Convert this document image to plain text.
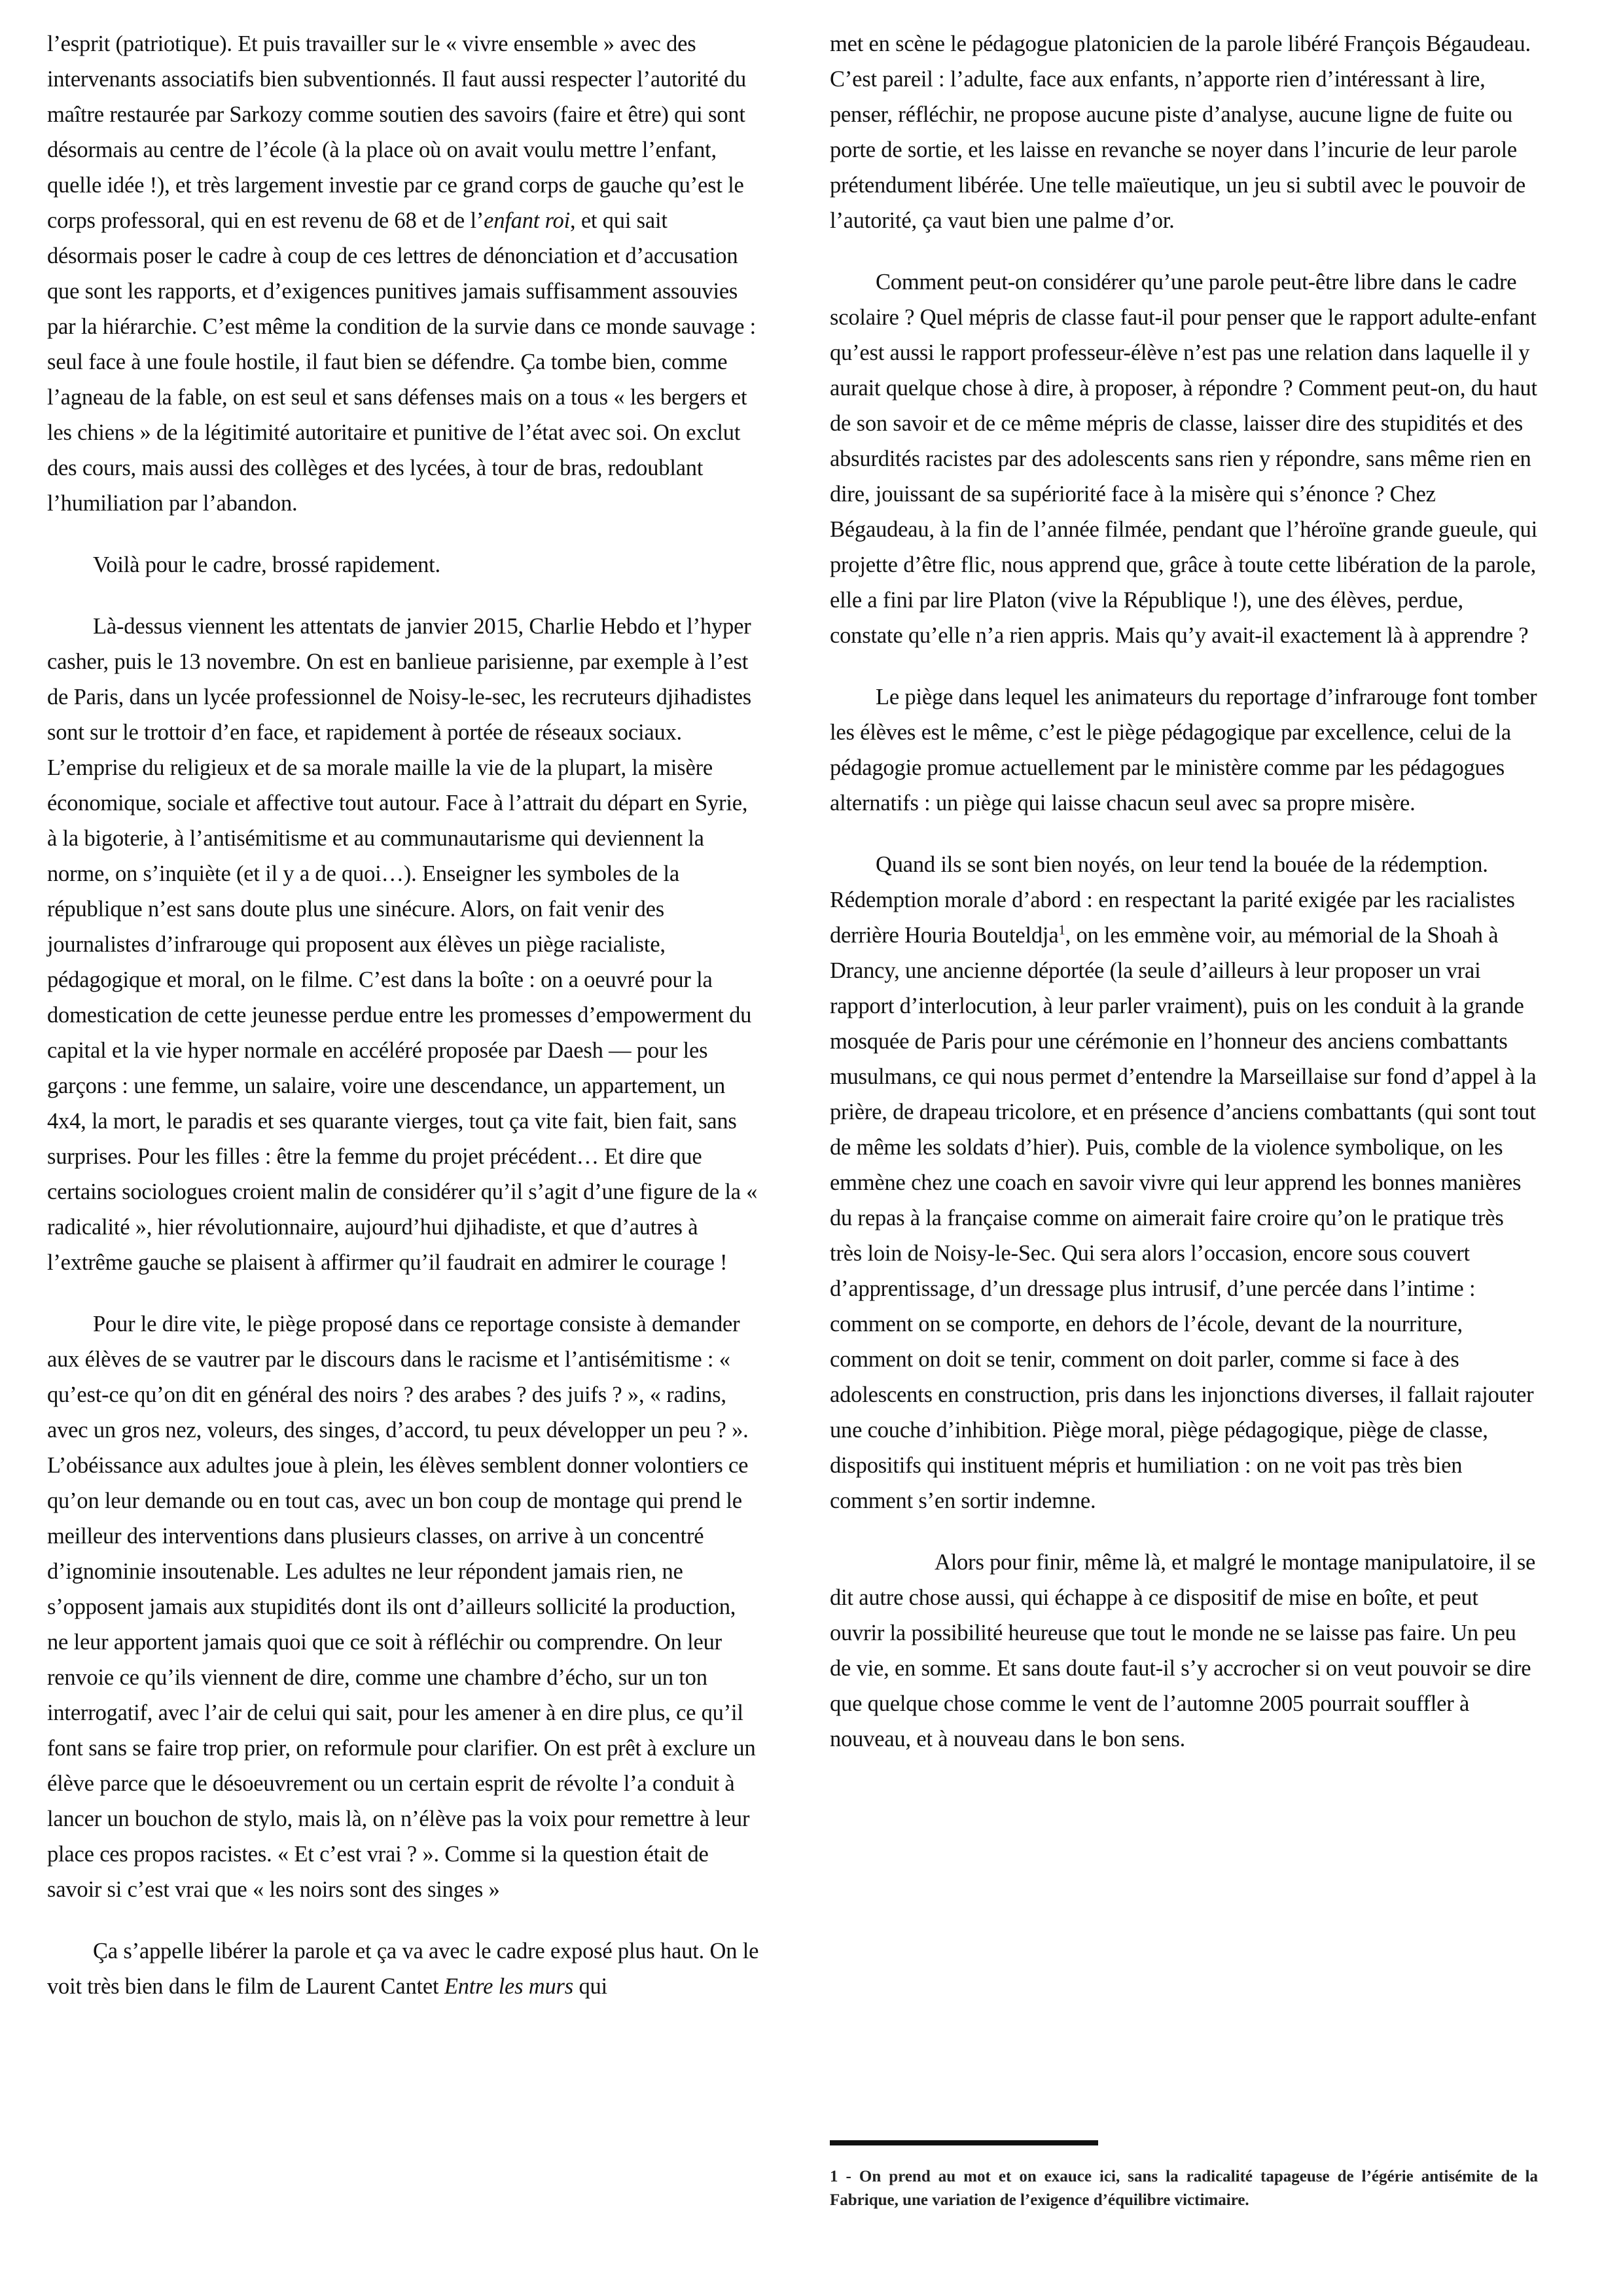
l’esprit (patriotique). Et puis travailler sur le « vivre ensemble » avec des intervenants associatifs bien subventionnés. Il faut aussi respecter l’autorité du maître restaurée par Sarkozy comme soutien des savoirs (faire et être) qui sont désormais au centre de l’école (à la place où on avait voulu mettre l’enfant, quelle idée !), et très largement investie par ce grand corps de gauche qu’est le corps professoral, qui en est revenu de 68 et de l’enfant roi, et qui sait désormais poser le cadre à coup de ces lettres de dénonciation et d’accusation que sont les rapports, et d’exigences punitives jamais suffisamment assouvies par la hiérarchie. C’est même la condition de la survie dans ce monde sauvage : seul face à une foule hostile, il faut bien se défendre. Ça tombe bien, comme l’agneau de la fable, on est seul et sans défenses mais on a tous « les bergers et les chiens » de la légitimité autoritaire et punitive de l’état avec soi. On exclut des cours, mais aussi des collèges et des lycées, à tour de bras, redoublant l’humiliation par l’abandon.

Voilà pour le cadre, brossé rapidement.

Là-dessus viennent les attentats de janvier 2015, Charlie Hebdo et l’hyper casher, puis le 13 novembre. On est en banlieue parisienne, par exemple à l’est de Paris, dans un lycée professionnel de Noisy-le-sec, les recruteurs djihadistes sont sur le trottoir d’en face, et rapidement à portée de réseaux sociaux. L’emprise du religieux et de sa morale maille la vie de la plupart, la misère économique, sociale et affective tout autour. Face à l’attrait du départ en Syrie, à la bigoterie, à l’antisémitisme et au communautarisme qui deviennent la norme, on s’inquiète (et il y a de quoi…). Enseigner les symboles de la république n’est sans doute plus une sinécure. Alors, on fait venir des journalistes d’infrarouge qui proposent aux élèves un piège racialiste, pédagogique et moral, on le filme. C’est dans la boîte : on a oeuvré pour la domestication de cette jeunesse perdue entre les promesses d’empowerment du capital et la vie hyper normale en accéléré proposée par Daesh — pour les garçons : une femme, un salaire, voire une descendance, un appartement, un 4x4, la mort, le paradis et ses quarante vierges, tout ça vite fait, bien fait, sans surprises. Pour les filles : être la femme du projet précédent… Et dire que certains sociologues croient malin de considérer qu’il s’agit d’une figure de la « radicalité », hier révolutionnaire, aujourd’hui djihadiste, et que d’autres à l’extrême gauche se plaisent à affirmer qu’il faudrait en admirer le courage !

Pour le dire vite, le piège proposé dans ce reportage consiste à demander aux élèves de se vautrer par le discours dans le racisme et l’antisémitisme : « qu’est-ce qu’on dit en général des noirs ? des arabes ? des juifs ? », « radins, avec un gros nez, voleurs, des singes, d’accord, tu peux développer un peu ? ». L’obéissance aux adultes joue à plein, les élèves semblent donner volontiers ce qu’on leur demande ou en tout cas, avec un bon coup de montage qui prend le meilleur des interventions dans plusieurs classes, on arrive à un concentré d’ignominie insoutenable. Les adultes ne leur répondent jamais rien, ne s’opposent jamais aux stupidités dont ils ont d’ailleurs sollicité la production, ne leur apportent jamais quoi que ce soit à réfléchir ou comprendre. On leur renvoie ce qu’ils viennent de dire, comme une chambre d’écho, sur un ton interrogatif, avec l’air de celui qui sait, pour les amener à en dire plus, ce qu’il font sans se faire trop prier, on reformule pour clarifier. On est prêt à exclure un élève parce que le désoeuvrement ou un certain esprit de révolte l’a conduit à lancer un bouchon de stylo, mais là, on n’élève pas la voix pour remettre à leur place ces propos racistes. « Et c’est vrai ? ». Comme si la question était de savoir si c’est vrai que « les noirs sont des singes »

Ça s’appelle libérer la parole et ça va avec le cadre exposé plus haut. On le voit très bien dans le film de Laurent Cantet Entre les murs qui

met en scène le pédagogue platonicien de la parole libéré François Bégaudeau. C’est pareil : l’adulte, face aux enfants, n’apporte rien d’intéressant à lire, penser, réfléchir, ne propose aucune piste d’analyse, aucune ligne de fuite ou porte de sortie, et les laisse en revanche se noyer dans l’incurie de leur parole prétendument libérée. Une telle maïeutique, un jeu si subtil avec le pouvoir de l’autorité, ça vaut bien une palme d’or.

Comment peut-on considérer qu’une parole peut-être libre dans le cadre scolaire ? Quel mépris de classe faut-il pour penser que le rapport adulte-enfant qu’est aussi le rapport professeur-élève n’est pas une relation dans laquelle il y aurait quelque chose à dire, à proposer, à répondre ? Comment peut-on, du haut de son savoir et de ce même mépris de classe, laisser dire des stupidités et des absurdités racistes par des adolescents sans rien y répondre, sans même rien en dire, jouissant de sa supériorité face à la misère qui s’énonce ? Chez Bégaudeau, à la fin de l’année filmée, pendant que l’héroïne grande gueule, qui projette d’être flic, nous apprend que, grâce à toute cette libération de la parole, elle a fini par lire Platon (vive la République !), une des élèves, perdue, constate qu’elle n’a rien appris. Mais qu’y avait-il exactement là à apprendre ?

Le piège dans lequel les animateurs du reportage d’infrarouge font tomber les élèves est le même, c’est le piège pédagogique par excellence, celui de la pédagogie promue actuellement par le ministère comme par les pédagogues alternatifs : un piège qui laisse chacun seul avec sa propre misère.

Quand ils se sont bien noyés, on leur tend la bouée de la rédemption. Rédemption morale d’abord : en respectant la parité exigée par les racialistes derrière Houria Bouteldja$^1$, on les emmène voir, au mémorial de la Shoah à Drancy, une ancienne déportée (la seule d’ailleurs à leur proposer un vrai rapport d’interlocution, à leur parler vraiment), puis on les conduit à la grande mosquée de Paris pour une cérémonie en l’honneur des anciens combattants musulmans, ce qui nous permet d’entendre la Marseillaise sur fond d’appel à la prière, de drapeau tricolore, et en présence d’anciens combattants (qui sont tout de même les soldats d’hier). Puis, comble de la violence symbolique, on les emmène chez une coach en savoir vivre qui leur apprend les bonnes manières du repas à la française comme on aimerait faire croire qu’on le pratique très très loin de Noisy-le-Sec. Qui sera alors l’occasion, encore sous couvert d’apprentissage, d’un dressage plus intrusif, d’une percée dans l’intime : comment on se comporte, en dehors de l’école, devant de la nourriture, comment on doit se tenir, comment on doit parler, comme si face à des adolescents en construction, pris dans les injonctions diverses, il fallait rajouter une couche d’inhibition. Piège moral, piège pédagogique, piège de classe, dispositifs qui instituent mépris et humiliation : on ne voit pas très bien comment s’en sortir indemne.

Alors pour finir, même là, et malgré le montage manipulatoire, il se dit autre chose aussi, qui échappe à ce dispositif de mise en boîte, et peut ouvrir la possibilité heureuse que tout le monde ne se laisse pas faire. Un peu de vie, en somme. Et sans doute faut-il s’y accrocher si on veut pouvoir se dire que quelque chose comme le vent de l’automne 2005 pourrait souffler à nouveau, et à nouveau dans le bon sens.

1 - On prend au mot et on exauce ici, sans la radicalité tapageuse de l’égérie antisémite de la Fabrique, une variation de l’exigence d’équilibre victimaire.
